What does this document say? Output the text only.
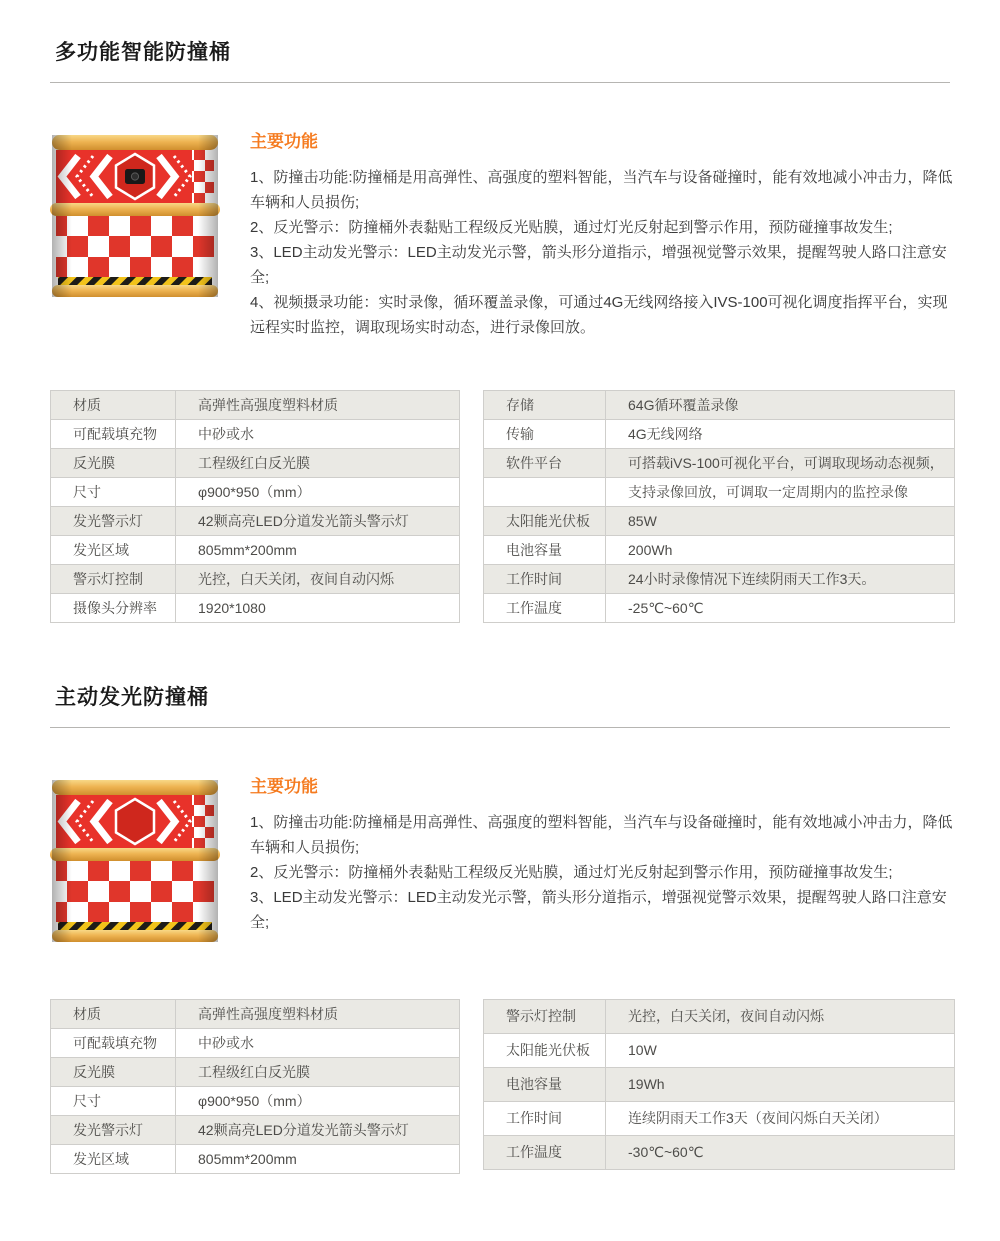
多功能智能防撞桶
主要功能

1、防撞击功能:防撞桶是用高弹性、高强度的塑料智能，当汽车与设备碰撞时，能有效地减小冲击力，降低车辆和人员损伤;

2、反光警示：防撞桶外表黏贴工程级反光贴膜，通过灯光反射起到警示作用，预防碰撞事故发生;

3、LED主动发光警示：LED主动发光示警，箭头形分道指示，增强视觉警示效果，提醒驾驶人路口注意安全;

4、视频摄录功能：实时录像，循环覆盖录像，可通过4G无线网络接入IVS-100可视化调度指挥平台，实现远程实时监控，调取现场实时动态，进行录像回放。

材质	高弹性高强度塑料材质
可配载填充物	中砂或水
反光膜	工程级红白反光膜
尺寸	φ900*950（mm）
发光警示灯	42颗高亮LED分道发光箭头警示灯
发光区域	805mm*200mm
警示灯控制	光控，白天关闭，夜间自动闪烁
摄像头分辨率	1920*1080
存储	64G循环覆盖录像
传输	4G无线网络
软件平台	可搭载iVS-100可视化平台，可调取现场动态视频，
	支持录像回放，可调取一定周期内的监控录像
太阳能光伏板	85W
电池容量	200Wh
工作时间	24小时录像情况下连续阴雨天工作3天。
工作温度	-25℃~60℃
主动发光防撞桶
主要功能

1、防撞击功能:防撞桶是用高弹性、高强度的塑料智能，当汽车与设备碰撞时，能有效地减小冲击力，降低车辆和人员损伤;

2、反光警示：防撞桶外表黏贴工程级反光贴膜，通过灯光反射起到警示作用，预防碰撞事故发生;

3、LED主动发光警示：LED主动发光示警，箭头形分道指示，增强视觉警示效果，提醒驾驶人路口注意安全;

材质	高弹性高强度塑料材质
可配载填充物	中砂或水
反光膜	工程级红白反光膜
尺寸	φ900*950（mm）
发光警示灯	42颗高亮LED分道发光箭头警示灯
发光区域	805mm*200mm
警示灯控制	光控，白天关闭，夜间自动闪烁
太阳能光伏板	10W
电池容量	19Wh
工作时间	连续阴雨天工作3天（夜间闪烁白天关闭）
工作温度	-30℃~60℃
